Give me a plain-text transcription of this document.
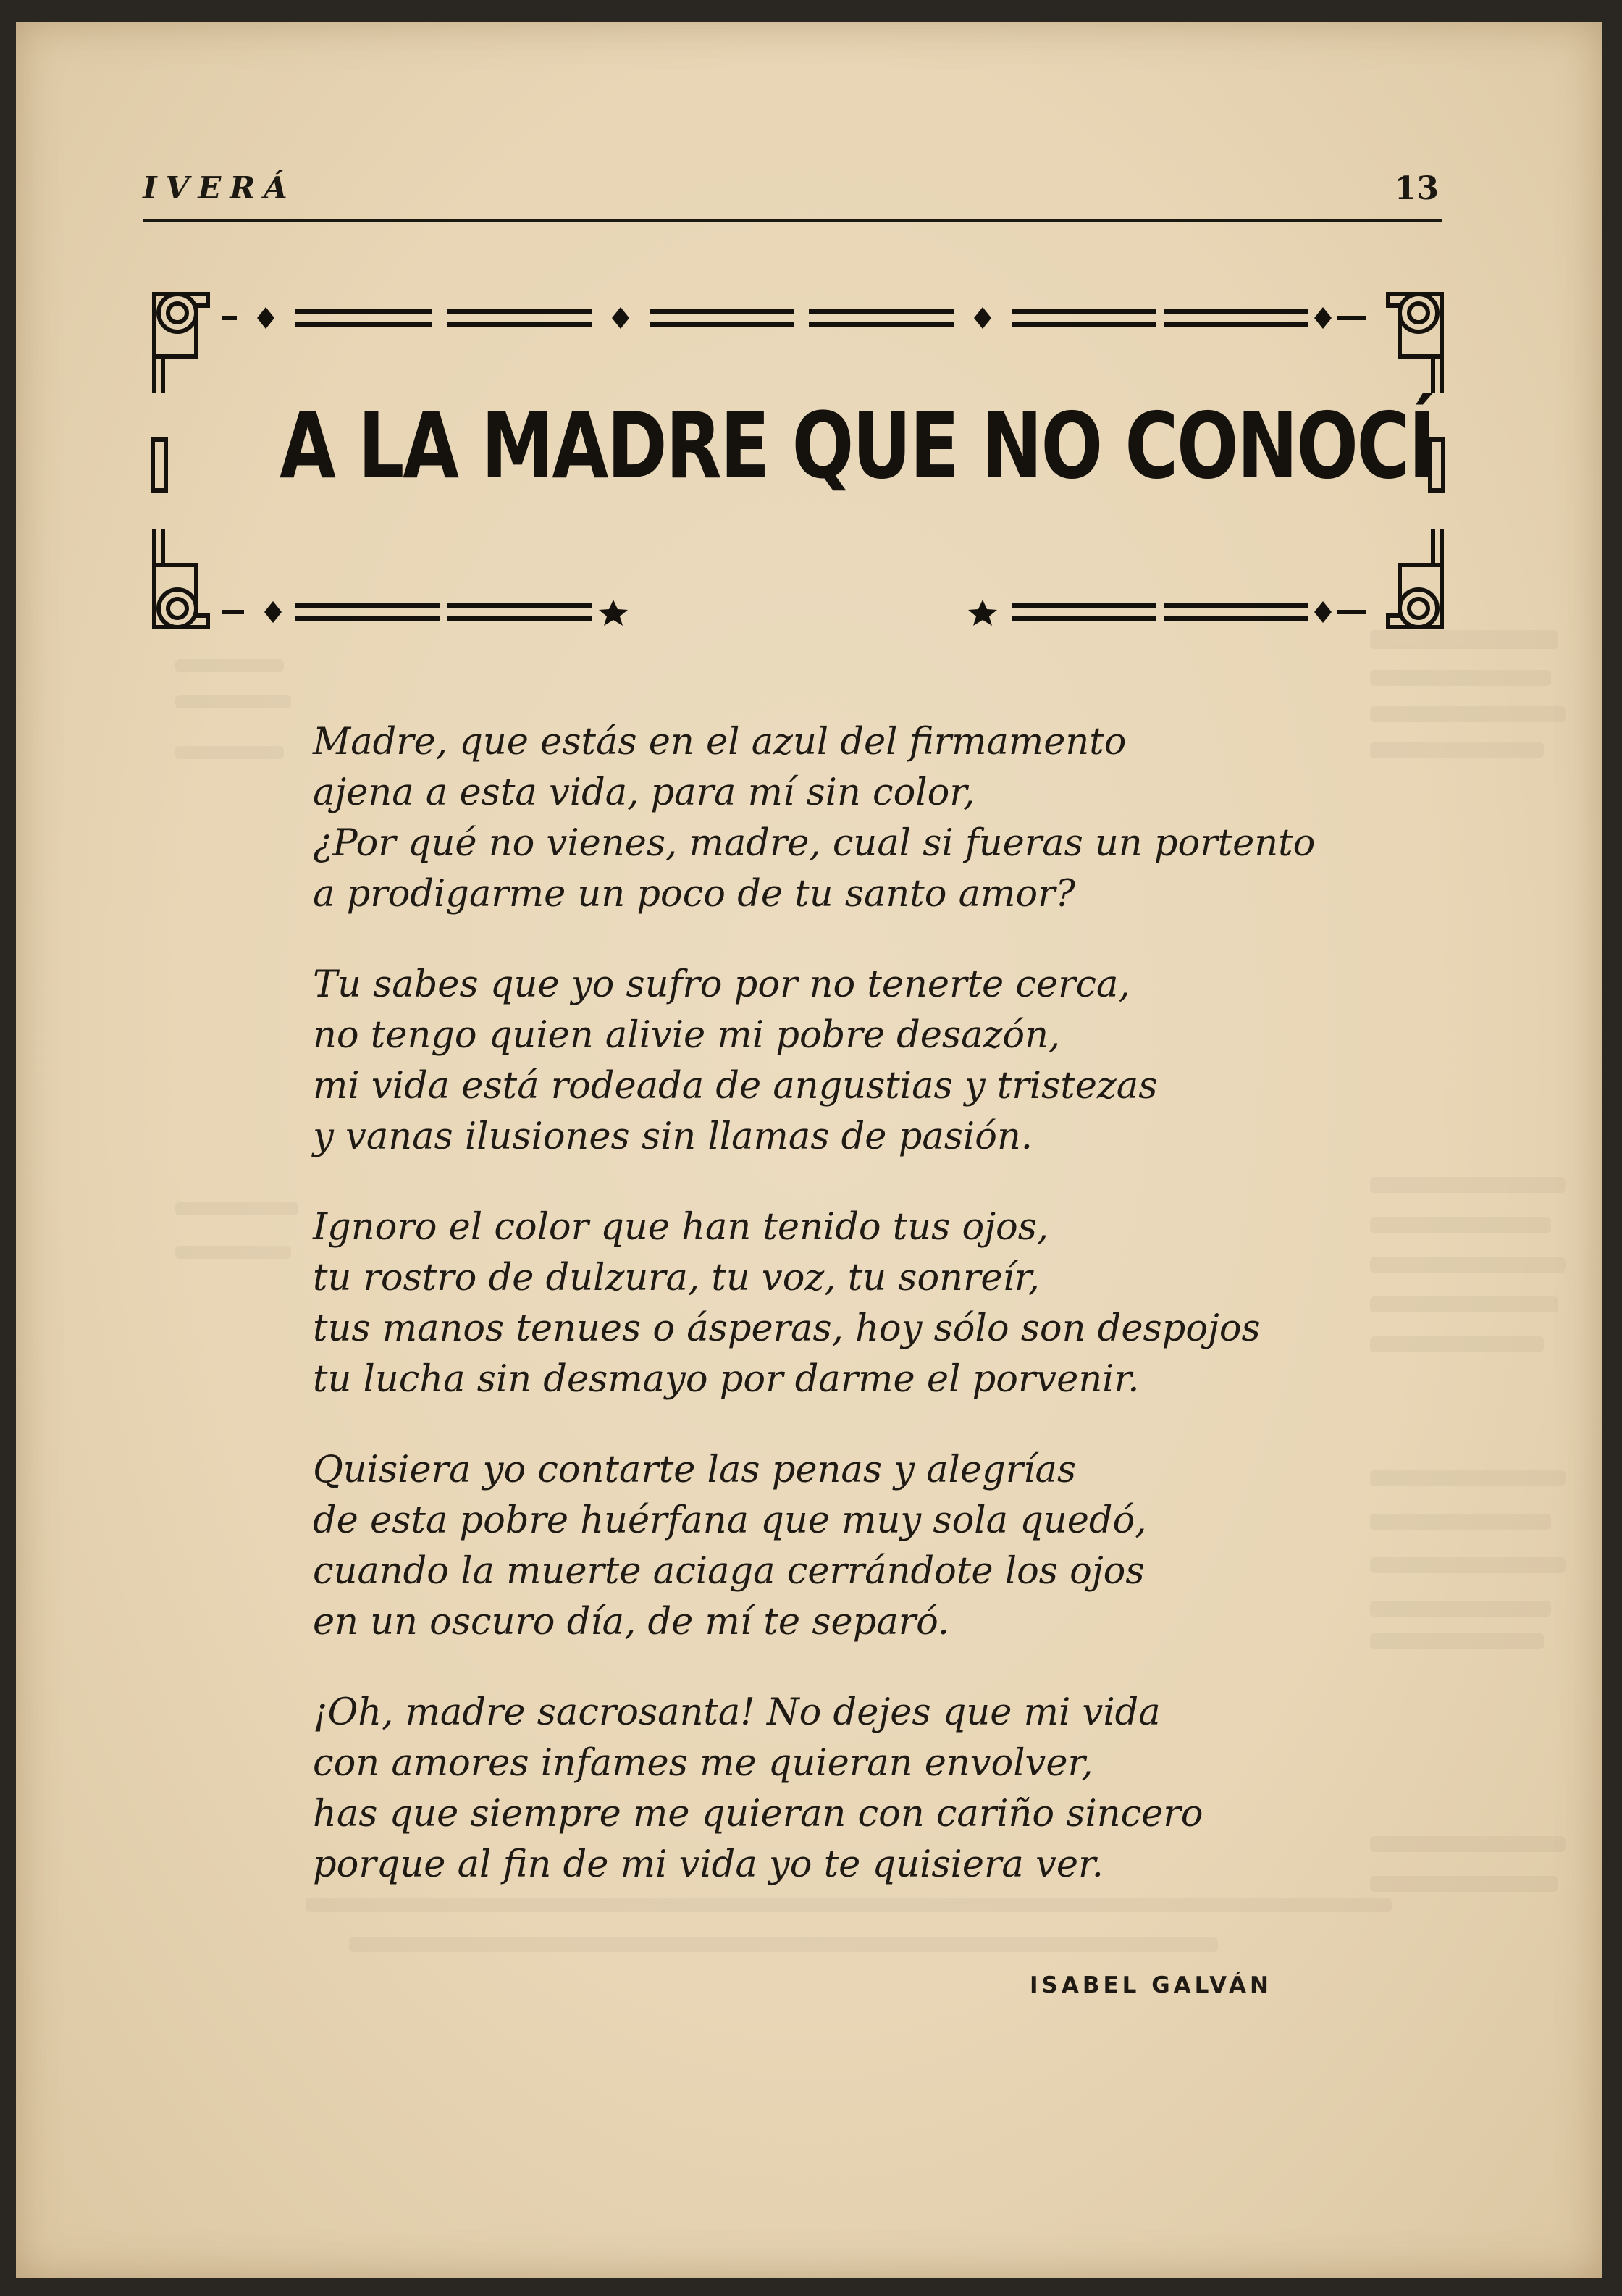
IVERÁ	13
A LA MADRE QUE NO CONOCÍ
Madre, que estás en el azul del firmamento
ajena a esta vida, para mí sin color,
¿Por qué no vienes, madre, cual si fueras un portento
a prodigarme un poco de tu santo amor?
Tu sabes que yo sufro por no tenerte cerca,
no tengo quien alivie mi pobre desazón,
mi vida está rodeada de angustias y tristezas
y vanas ilusiones sin llamas de pasión.
Ignoro el color que han tenido tus ojos,
tu rostro de dulzura, tu voz, tu sonreír,
tus manos tenues o ásperas, hoy sólo son despojos
tu lucha sin desmayo por darme el porvenir.
Quisiera yo contarte las penas y alegrías
de esta pobre huérfana que muy sola quedó,
cuando la muerte aciaga cerrándote los ojos
en un oscuro día, de mí te separó.
¡Oh, madre sacrosanta! No dejes que mi vida
con amores infames me quieran envolver,
has que siempre me quieran con cariño sincero
porque al fin de mi vida yo te quisiera ver.
ISABEL GALVÁN
